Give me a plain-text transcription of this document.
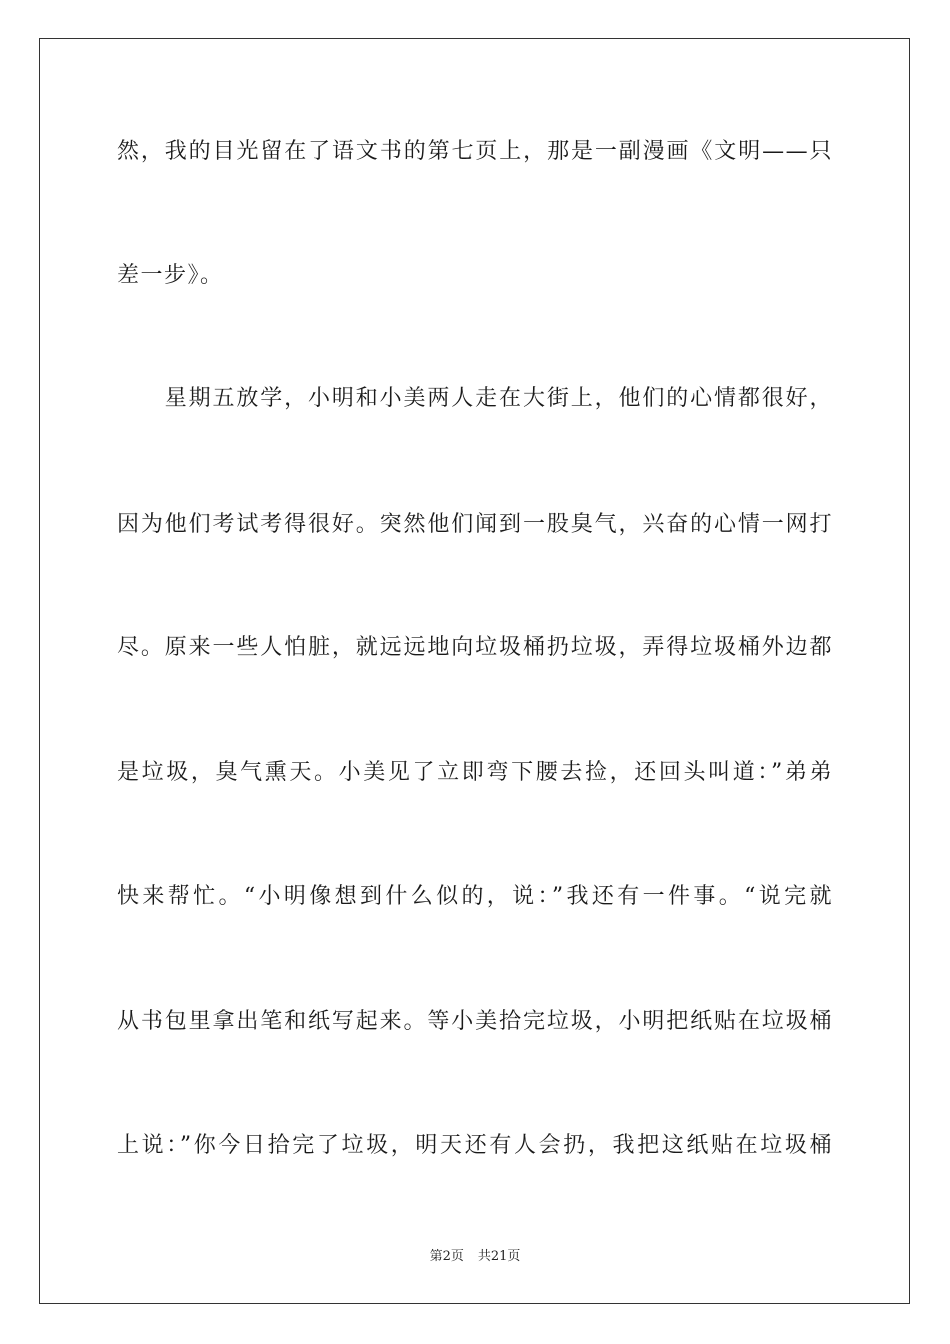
然，我的目光留在了语文书的第七页上，那是一副漫画《文明——只
差一步》。
　　星期五放学，小明和小美两人走在大街上，他们的心情都很好，
因为他们考试考得很好。突然他们闻到一股臭气，兴奋的心情一网打
尽。原来一些人怕脏，就远远地向垃圾桶扔垃圾，弄得垃圾桶外边都
是垃圾，臭气熏天。小美见了立即弯下腰去捡，还回头叫道：”弟弟
快来帮忙。“小明像想到什么似的，说：”我还有一件事。“说完就
从书包里拿出笔和纸写起来。等小美拾完垃圾，小明把纸贴在垃圾桶
上说：”你今日拾完了垃圾，明天还有人会扔，我把这纸贴在垃圾桶
第2页 共21页
